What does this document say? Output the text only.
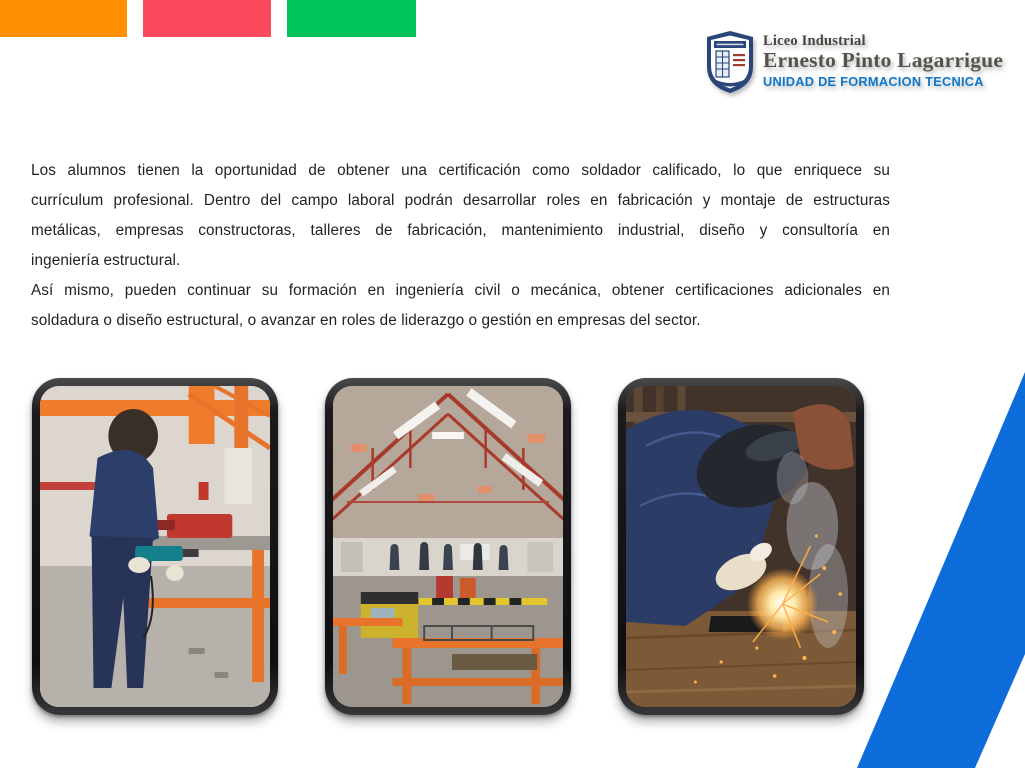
Liceo Industrial
Ernesto Pinto Lagarrigue
UNIDAD DE FORMACION TECNICA
Los alumnos tienen la oportunidad de obtener una certificación como soldador calificado, lo que enriquece su
currículum profesional. Dentro del campo laboral podrán desarrollar roles en fabricación y montaje de estructuras
metálicas, empresas constructoras, talleres de fabricación, mantenimiento industrial, diseño y consultoría en
ingeniería estructural.
Así mismo, pueden continuar su formación en ingeniería civil o mecánica, obtener certificaciones adicionales en
soldadura o diseño estructural, o avanzar en roles de liderazgo o gestión en empresas del sector.
